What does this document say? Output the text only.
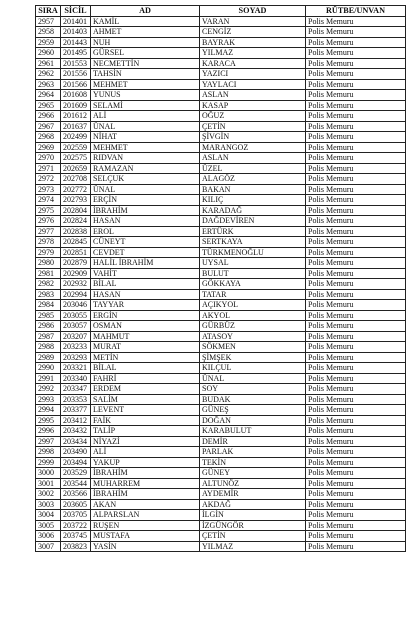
SIRA	SİCİL	AD	SOYAD	RÜTBE/UNVAN
2957	201401	KAMİL	VARAN	Polis Memuru
2958	201403	AHMET	CENGİZ	Polis Memuru
2959	201443	NUH	BAYRAK	Polis Memuru
2960	201495	GÜRSEL	YILMAZ	Polis Memuru
2961	201553	NECMETTİN	KARACA	Polis Memuru
2962	201556	TAHSİN	YAZICI	Polis Memuru
2963	201566	MEHMET	YAYLACI	Polis Memuru
2964	201608	YUNUS	ASLAN	Polis Memuru
2965	201609	SELAMİ	KASAP	Polis Memuru
2966	201612	ALİ	OĞUZ	Polis Memuru
2967	201637	ÜNAL	ÇETİN	Polis Memuru
2968	202499	NİHAT	ŞİVGİN	Polis Memuru
2969	202559	MEHMET	MARANGOZ	Polis Memuru
2970	202575	RIDVAN	ASLAN	Polis Memuru
2971	202659	RAMAZAN	ÜZEL	Polis Memuru
2972	202708	SELÇUK	ALAGÖZ	Polis Memuru
2973	202772	ÜNAL	BAKAN	Polis Memuru
2974	202793	ERÇİN	KILIÇ	Polis Memuru
2975	202804	İBRAHİM	KARADAĞ	Polis Memuru
2976	202824	HASAN	DAĞDEVİREN	Polis Memuru
2977	202838	EROL	ERTÜRK	Polis Memuru
2978	202845	CÜNEYT	SERTKAYA	Polis Memuru
2979	202851	CEVDET	TÜRKMENOĞLU	Polis Memuru
2980	202879	HALİL İBRAHİM	UYSAL	Polis Memuru
2981	202909	VAHİT	BULUT	Polis Memuru
2982	202932	BİLAL	GÖKKAYA	Polis Memuru
2983	202994	HASAN	TATAR	Polis Memuru
2984	203046	TAYYAR	AÇIKYOL	Polis Memuru
2985	203055	ERGİN	AKYOL	Polis Memuru
2986	203057	OSMAN	GÜRBÜZ	Polis Memuru
2987	203207	MAHMUT	ATASOY	Polis Memuru
2988	203233	MURAT	SÖKMEN	Polis Memuru
2989	203293	METİN	ŞİMŞEK	Polis Memuru
2990	203321	BİLAL	KILÇUL	Polis Memuru
2991	203340	FAHRİ	ÜNAL	Polis Memuru
2992	203347	ERDEM	SOY	Polis Memuru
2993	203353	SALİM	BUDAK	Polis Memuru
2994	203377	LEVENT	GÜNEŞ	Polis Memuru
2995	203412	FAİK	DOĞAN	Polis Memuru
2996	203432	TALİP	KARABULUT	Polis Memuru
2997	203434	NİYAZİ	DEMİR	Polis Memuru
2998	203490	ALİ	PARLAK	Polis Memuru
2999	203494	YAKUP	TEKİN	Polis Memuru
3000	203529	İBRAHİM	GÜNEY	Polis Memuru
3001	203544	MUHARREM	ALTUNÖZ	Polis Memuru
3002	203566	İBRAHİM	AYDEMİR	Polis Memuru
3003	203605	AKAN	AKDAĞ	Polis Memuru
3004	203705	ALPARSLAN	İLGİN	Polis Memuru
3005	203722	RUŞEN	İZGÜNGÖR	Polis Memuru
3006	203745	MUSTAFA	ÇETİN	Polis Memuru
3007	203823	YASİN	YILMAZ	Polis Memuru
